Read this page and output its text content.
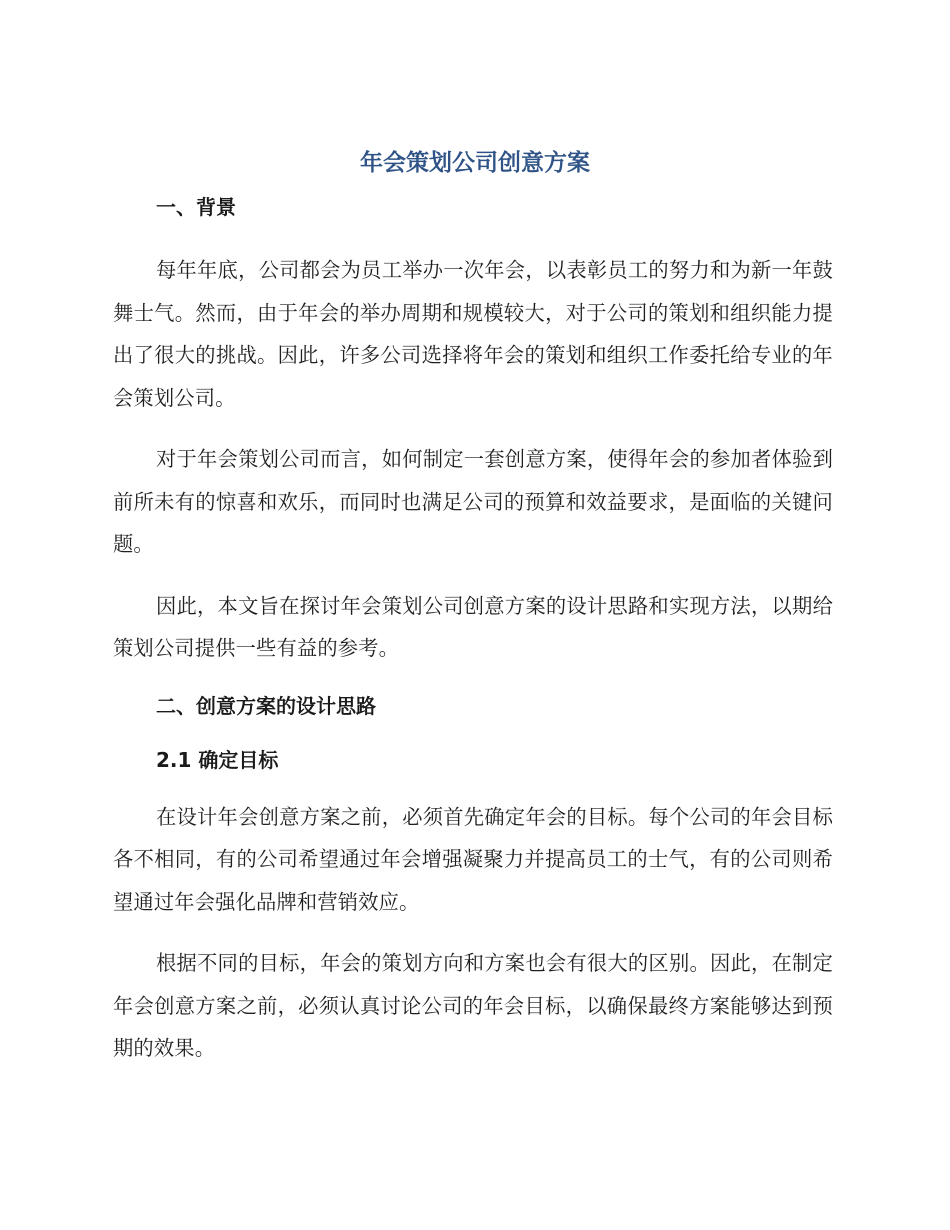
年会策划公司创意方案
一、背景

每年年底，公司都会为员工举办一次年会，以表彰员工的努力和为新一年鼓舞士气。然而，由于年会的举办周期和规模较大，对于公司的策划和组织能力提出了很大的挑战。因此，许多公司选择将年会的策划和组织工作委托给专业的年会策划公司。

对于年会策划公司而言，如何制定一套创意方案，使得年会的参加者体验到前所未有的惊喜和欢乐，而同时也满足公司的预算和效益要求，是面临的关键问题。

因此，本文旨在探讨年会策划公司创意方案的设计思路和实现方法，以期给策划公司提供一些有益的参考。

二、创意方案的设计思路
2.1 确定目标

在设计年会创意方案之前，必须首先确定年会的目标。每个公司的年会目标各不相同，有的公司希望通过年会增强凝聚力并提高员工的士气，有的公司则希望通过年会强化品牌和营销效应。

根据不同的目标，年会的策划方向和方案也会有很大的区别。因此，在制定年会创意方案之前，必须认真讨论公司的年会目标，以确保最终方案能够达到预期的效果。
